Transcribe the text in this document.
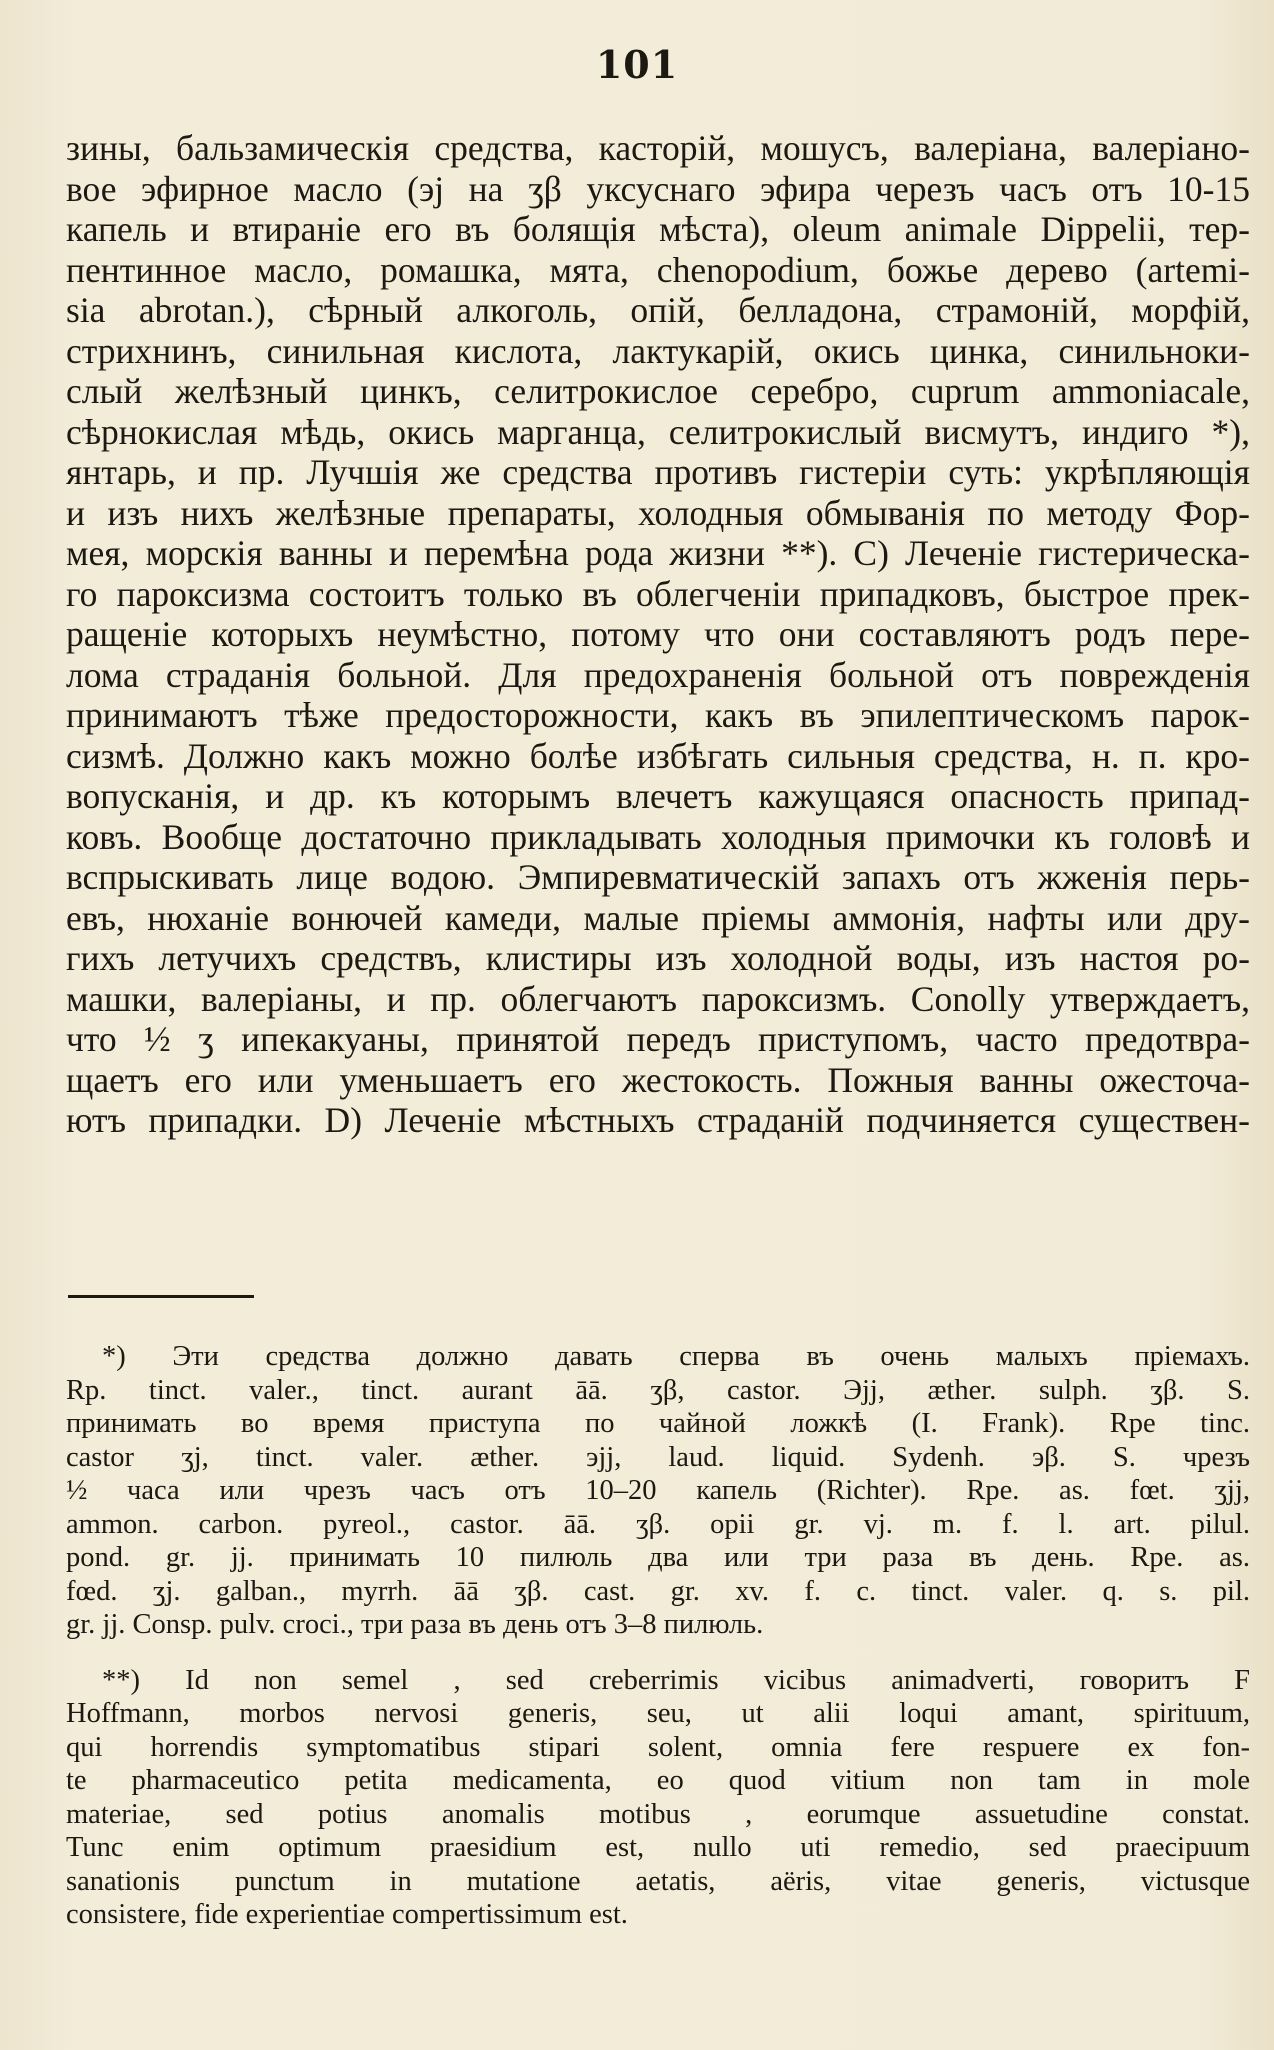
101
зины, бальзамическія средства, касторій, мошусъ, валеріана, валеріано-
вое эфирное масло (эj на ʒβ уксуснаго эфира черезъ часъ отъ 10-15
капель и втираніе его въ болящія мѣста), oleum animale Dippelii, тер-
пентинное масло, ромашка, мята, chenopodium, божье дерево (artemi-
sia abrotan.), сѣрный алкоголь, опій, белладона, страмоній, морфій,
стрихнинъ, синильная кислота, лактукарій, окись цинка, синильноки-
слый желѣзный цинкъ, селитрокислое серебро, cuprum ammoniacale,
сѣрнокислая мѣдь, окись марганца, селитрокислый висмутъ, индиго *),
янтарь, и пр. Лучшія же средства противъ гистеріи суть: укрѣпляющія
и изъ нихъ желѣзные препараты, холодныя обмыванія по методу Фор-
мея, морскія ванны и перемѣна рода жизни **). C) Леченіе гистерическа-
го пароксизма состоитъ только въ облегченіи припадковъ, быстрое прек-
ращеніе которыхъ неумѣстно, потому что они составляютъ родъ пере-
лома страданія больной. Для предохраненія больной отъ поврежденія
принимаютъ тѣже предосторожности, какъ въ эпилептическомъ парок-
сизмѣ. Должно какъ можно болѣе избѣгать сильныя средства, н. п. кро-
вопусканія, и др. къ которымъ влечетъ кажущаяся опасность припад-
ковъ. Вообще достаточно прикладывать холодныя примочки къ головѣ и
вспрыскивать лице водою. Эмпиревматическій запахъ отъ жженія перь-
евъ, нюханіе вонючей камеди, малые пріемы аммонія, нафты или дру-
гихъ летучихъ средствъ, клистиры изъ холодной воды, изъ настоя ро-
машки, валеріаны, и пр. облегчаютъ пароксизмъ. Conolly утверждаетъ,
что ½ ʒ ипекакуаны, принятой передъ приступомъ, часто предотвра-
щаетъ его или уменьшаетъ его жестокость. Пожныя ванны ожесточа-
ютъ припадки. D) Леченіе мѣстныхъ страданій подчиняется существен-
*) Эти средства должно давать сперва въ очень малыхъ пріемахъ.
Rp. tinct. valer., tinct. aurant āā. ʒβ, castor. Эjj, æther. sulph. ʒβ. S.
принимать во время приступа по чайной ложкѣ (I. Frank). Rpe tinc.
castor ʒj, tinct. valer. æther. эjj, laud. liquid. Sydenh. эβ. S. чрезъ
½ часа или чрезъ часъ отъ 10–20 капель (Richter). Rpe. as. fœt. ʒjj,
ammon. carbon. pyreol., castor. āā. ʒβ. opii gr. vj. m. f. l. art. pilul.
pond. gr. jj. принимать 10 пилюль два или три раза въ день. Rpe. as.
fœd. ʒj. galban., myrrh. āā ʒβ. cast. gr. xv. f. c. tinct. valer. q. s. pil.
gr. jj. Consp. pulv. croci., три раза въ день отъ 3–8 пилюль.
**) Id non semel , sed creberrimis vicibus animadverti, говоритъ F
Hoffmann, morbos nervosi generis, seu, ut alii loqui amant, spirituum,
qui horrendis symptomatibus stipari solent, omnia fere respuere ex fon-
te pharmaceutico petita medicamenta, eo quod vitium non tam in mole
materiae, sed potius anomalis motibus , eorumque assuetudine constat.
Tunc enim optimum praesidium est, nullo uti remedio, sed praecipuum
sanationis punctum in mutatione aetatis, aëris, vitae generis, victusque
consistere, fide experientiae compertissimum est.
